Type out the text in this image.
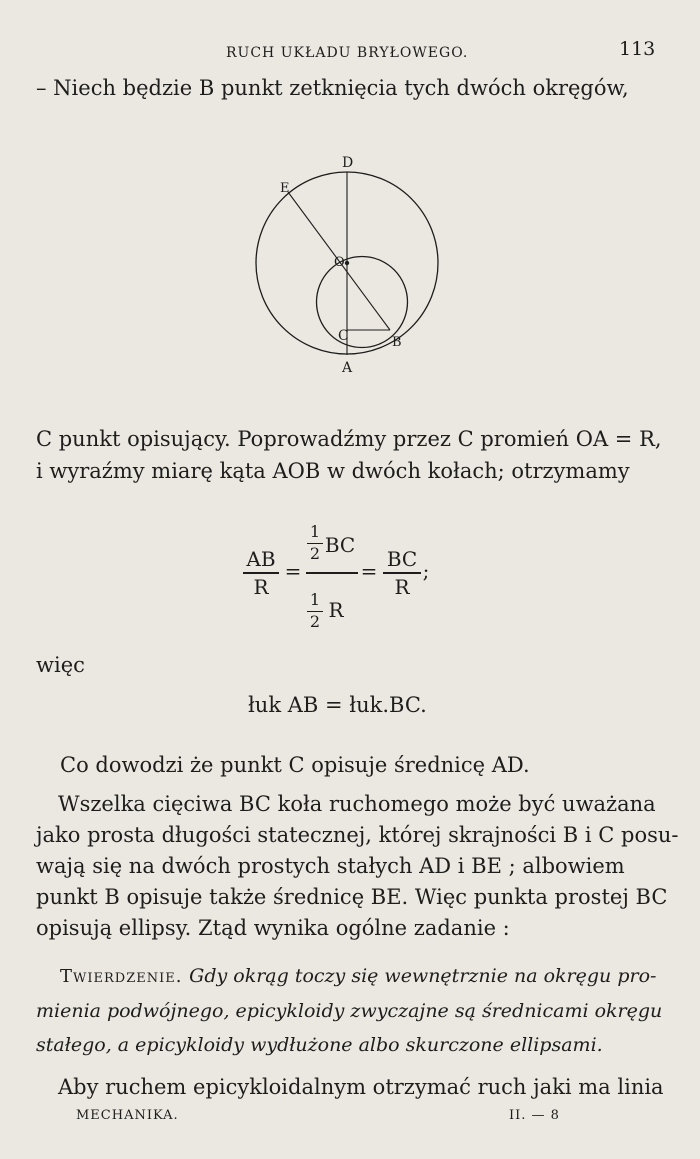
RUCH UKŁADU BRYŁOWEGO.	113
– Niech będzie B punkt zetknięcia tych dwóch okręgów,
D
E
O
C	B
A
C punkt opisujący. Poprowadźmy przez C promień OA = R,
i wyraźmy miarę kąta AOB w dwóch kołach; otrzymamy
AB
R
=
1
2 BC
1
2 R
= BC
R
;
więc
łuk AB = łuk.BC.
Co dowodzi że punkt C opisuje średnicę AD.
Wszelka cięciwa BC koła ruchomego może być uważana
jako prosta długości statecznej, której skrajności B i C posu-
wają się na dwóch prostych stałych AD i BE ; albowiem
punkt B opisuje także średnicę BE. Więc punkta prostej BC
opisują ellipsy. Ztąd wynika ogólne zadanie :
Twierdzenie. Gdy okrąg toczy się wewnętrznie na okręgu pro-
mienia podwójnego, epicykloidy zwyczajne są średnicami okręgu
stałego, a epicykloidy wydłużone albo skurczone ellipsami.
Aby ruchem epicykloidalnym otrzymać ruch jaki ma linia
MECHANIKA.	II. — 8
